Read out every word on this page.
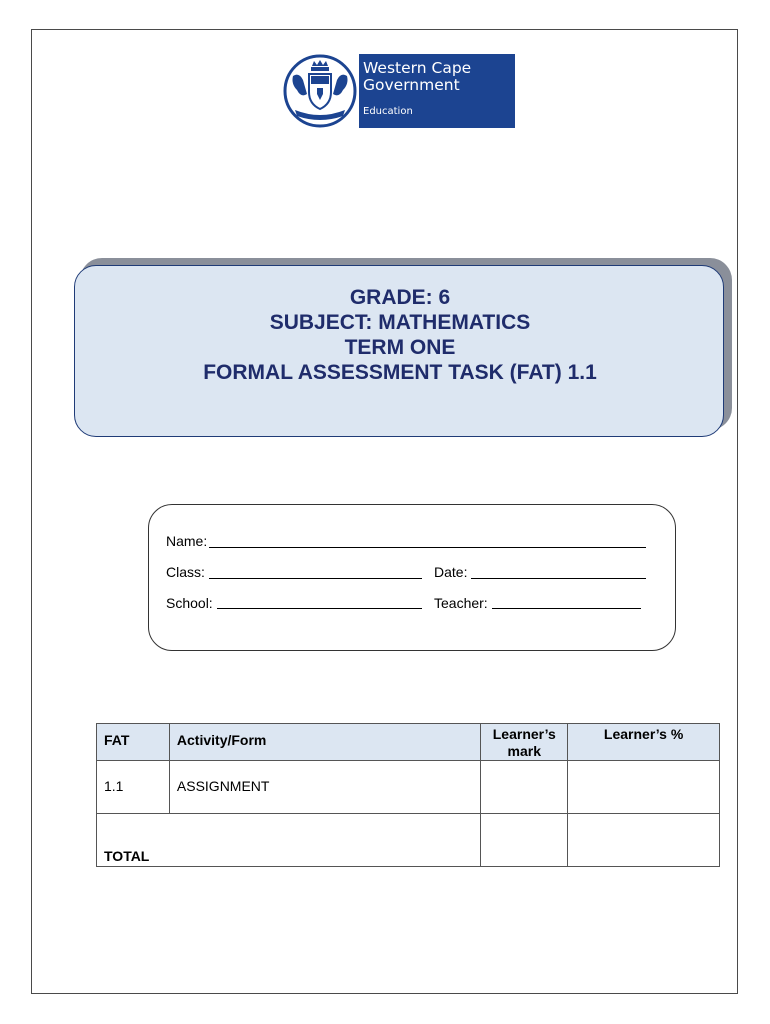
Western Cape
Government
Education
GRADE: 6
SUBJECT: MATHEMATICS
TERM ONE
FORMAL ASSESSMENT TASK (FAT) 1.1
Name:
Class:	Date:
School:	Teacher:
FAT	Activity/Form	Learner’s mark	Learner’s %

1.1	ASSIGNMENT		

TOTAL			
